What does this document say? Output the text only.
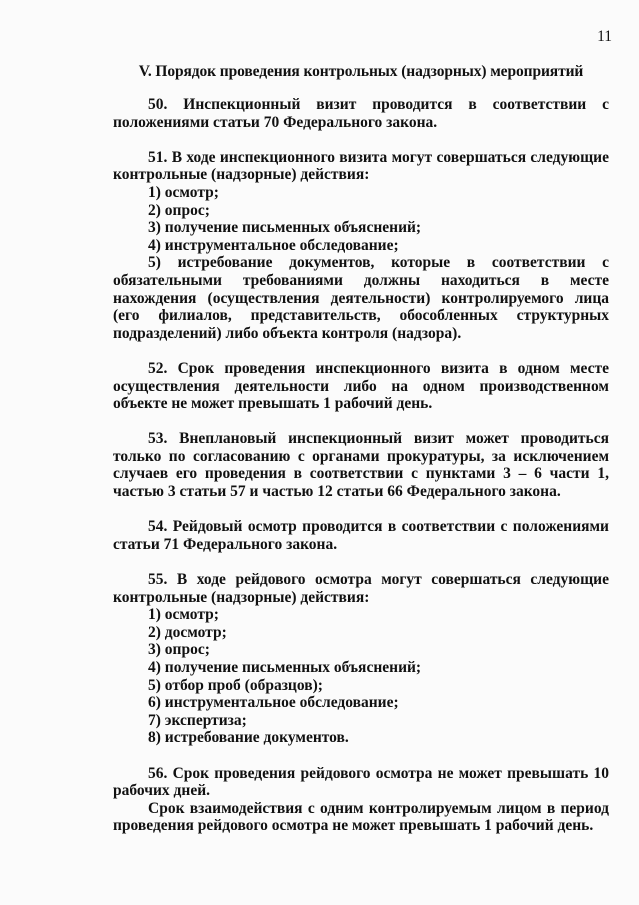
11
V. Порядок проведения контрольных (надзорных) мероприятий

50. Инспекционный визит проводится в соответствии с положениями статьи 70 Федерального закона.

51. В ходе инспекционного визита могут совершаться следующие контрольные (надзорные) действия:

1) осмотр;

2) опрос;

3) получение письменных объяснений;

4) инструментальное обследование;

5) истребование документов, которые в соответствии с обязательными требованиями должны находиться в месте нахождения (осуществления деятельности) контролируемого лица (его филиалов, представительств, обособленных структурных подразделений) либо объекта контроля (надзора).

52. Срок проведения инспекционного визита в одном месте осуществления деятельности либо на одном производственном объекте не может превышать 1 рабочий день.

53. Внеплановый инспекционный визит может проводиться только по согласованию с органами прокуратуры, за исключением случаев его проведения в соответствии с пунктами 3 – 6 части 1, частью 3 статьи 57 и частью 12 статьи 66 Федерального закона.

54. Рейдовый осмотр проводится в соответствии с положениями статьи 71 Федерального закона.

55. В ходе рейдового осмотра могут совершаться следующие контрольные (надзорные) действия:

1) осмотр;

2) досмотр;

3) опрос;

4) получение письменных объяснений;

5) отбор проб (образцов);

6) инструментальное обследование;

7) экспертиза;

8) истребование документов.

56. Срок проведения рейдового осмотра не может превышать 10 рабочих дней.

Срок взаимодействия с одним контролируемым лицом в период проведения рейдового осмотра не может превышать 1 рабочий день.
